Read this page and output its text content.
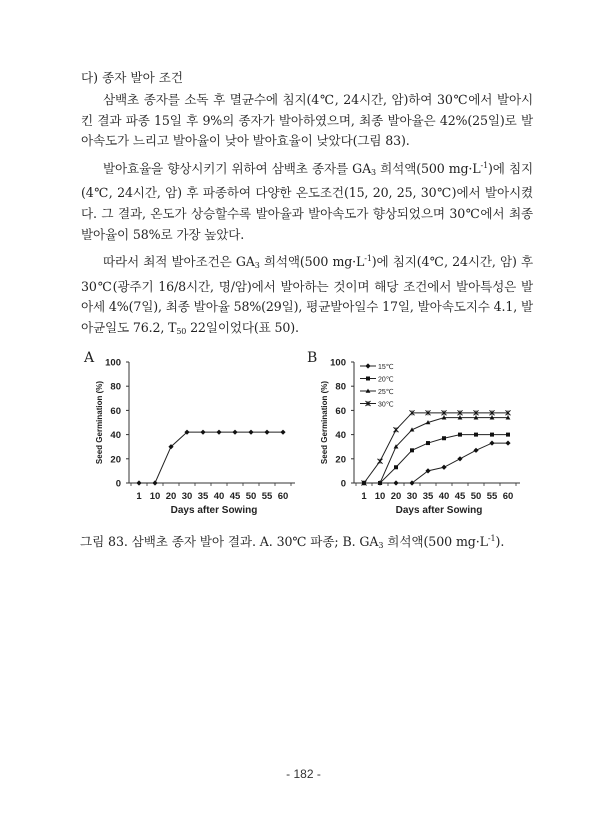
다) 종자 발아 조건

삼백초 종자를 소독 후 멸균수에 침지(4℃, 24시간, 암)하여 30℃에서 발아시킨 결과 파종 15일 후 9%의 종자가 발아하였으며, 최종 발아율은 42%(25일)로 발아속도가 느리고 발아율이 낮아 발아효율이 낮았다(그림 83).

발아효율을 향상시키기 위하여 삼백초 종자를 $GA_3$ 희석액(500 $mg\cdot L^{-1}$)에 침지(4℃, 24시간, 암) 후 파종하여 다양한 온도조건(15, 20, 25, 30℃)에서 발아시켰다. 그 결과, 온도가 상승할수록 발아율과 발아속도가 향상되었으며 30℃에서 최종 발아율이 58%로 가장 높았다.

따라서 최적 발아조건은 $GA_3$ 희석액(500 $mg\cdot L^{-1}$)에 침지(4℃, 24시간, 암) 후 30℃(광주기 16/8시간, 명/암)에서 발아하는 것이며 해당 조건에서 발아특성은 발아세 4%(7일), 최종 발아율 58%(29일), 평균발아일수 17일, 발아속도지수 4.1, 발아균일도 76.2, $T_{50}$ 22일이었다(표 50).

A	B
0
20
40
60
80
100
1 10 20 30 35 40 45 50 55 60
Days after Sowing
Seed Germination (%)
0
20
40
60
80
100
1 10 20 30 35 40 45 50 55 60
Days after Sowing
Seed Germination (%)
15℃
20℃
25℃
30℃
그림 83. 삼백초 종자 발아 결과. A. 30℃ 파종; B. $GA_3$ 희석액(500 $mg\cdot L^{-1}$).
- 182 -
